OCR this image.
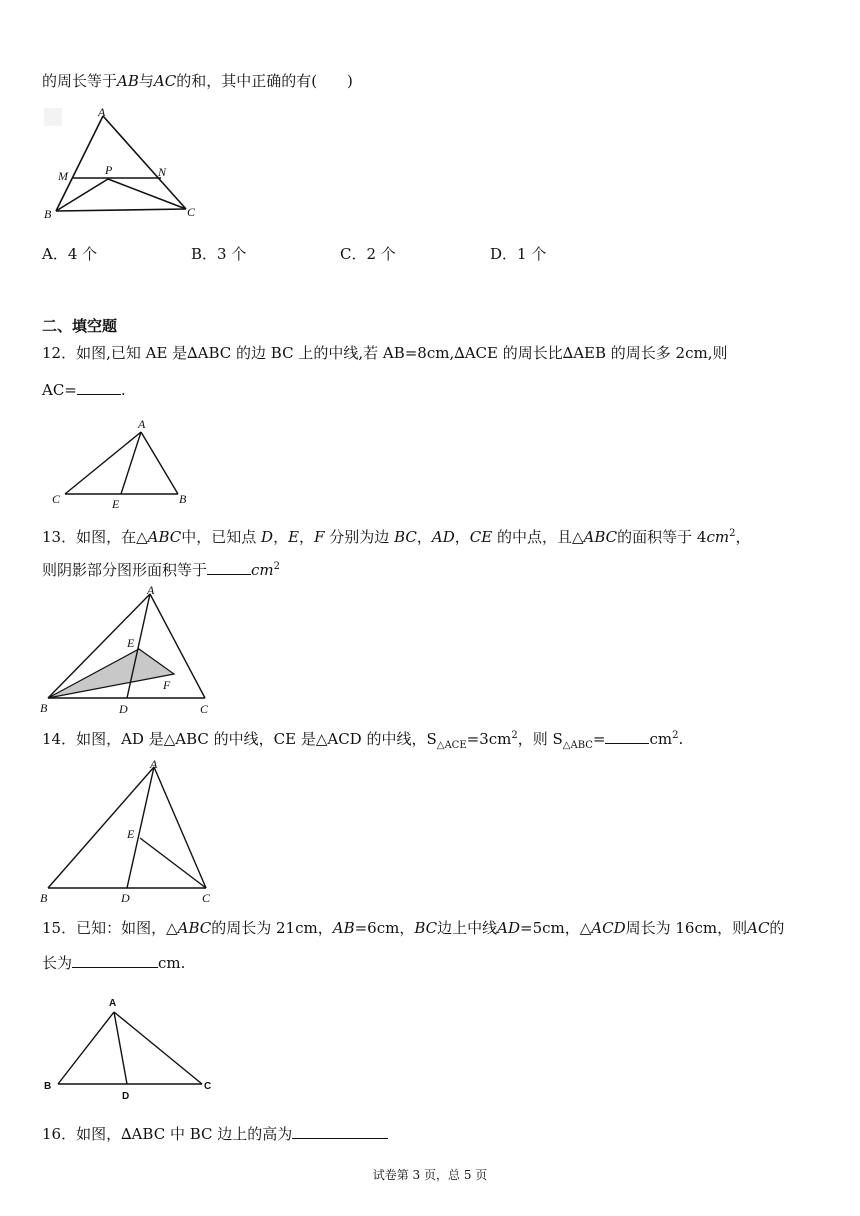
的周长等于AB与AC的和，其中正确的有(　　)
A
M	P	N
B	C
A．4 个	B．3 个	C．2 个	D．1 个
二、填空题
12．如图,已知 AE 是∆ABC 的边 BC 上的中线,若 AB=8cm,∆ACE 的周长比∆AEB 的周长多 2cm,则
AC=	.
A
C	E	B
13．如图，在△ABC中，已知点 D，E，F 分别为边 BC，AD，CE 的中点，且△ABC的面积等于 $4cm^2$，
则阴影部分图形面积等于	$cm^2$
A
E
F
B	D	C
14．如图，AD 是△ABC 的中线，CE 是△ACD 的中线，$S_{\triangle ACE}=3cm^2$，则 $S_{\triangle ABC}=$	$cm^2$.
A
E
B	D	C
15．已知：如图，△ABC的周长为 21cm，AB=6cm，BC边上中线AD=5cm，△ACD周长为 16cm，则AC的
长为	cm.
A
B
D
C
16．如图，∆ABC 中 BC 边上的高为
试卷第 3 页，总 5 页
